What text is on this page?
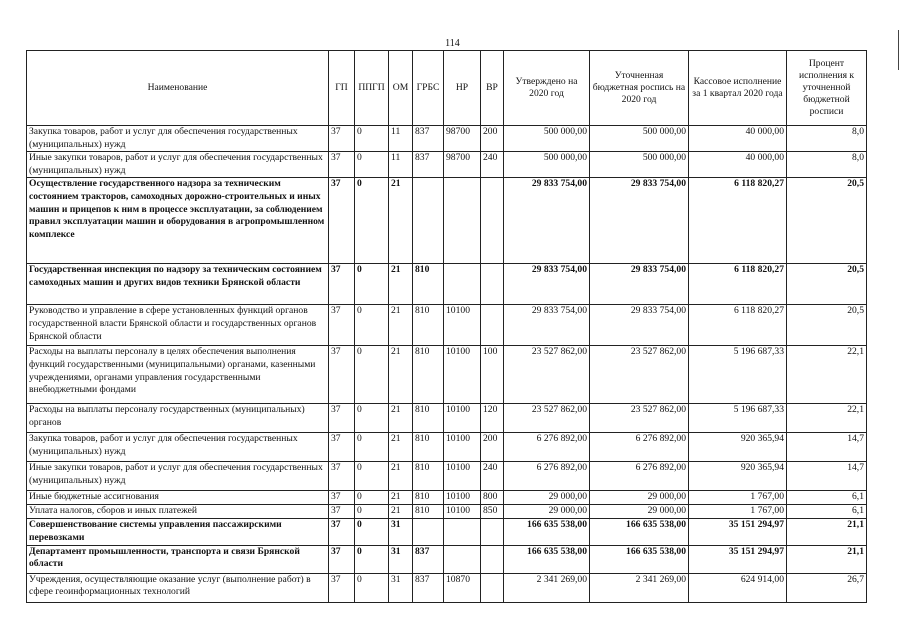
114
Наименование	ГП	ППГП	ОМ	ГРБС	НР	ВР	Утверждено на 2020 год	Уточненная бюджетная роспись на 2020 год	Кассовое исполнение за 1 квартал 2020 года	Процент исполнения к уточненной бюджетной росписи
Закупка товаров, работ и услуг для обеспечения государственных (муниципальных) нужд	37	0	11	837	98700	200	500 000,00	500 000,00	40 000,00	8,0
Иные закупки товаров, работ и услуг для обеспечения государственных (муниципальных) нужд	37	0	11	837	98700	240	500 000,00	500 000,00	40 000,00	8,0
Осуществление государственного надзора за техническим состоянием тракторов, самоходных дорожно-строительных и иных машин и прицепов к ним в процессе эксплуатации, за соблюдением правил эксплуатации машин и оборудования в агропромышленном комплексе	37	0	21				29 833 754,00	29 833 754,00	6 118 820,27	20,5
Государственная инспекция по надзору за техническим состоянием самоходных машин и других видов техники Брянской области	37	0	21	810			29 833 754,00	29 833 754,00	6 118 820,27	20,5
Руководство и управление в сфере установленных функций органов государственной власти Брянской области и государственных органов Брянской области	37	0	21	810	10100		29 833 754,00	29 833 754,00	6 118 820,27	20,5
Расходы на выплаты персоналу в целях обеспечения выполнения функций государственными (муниципальными) органами, казенными учреждениями, органами управления государственными внебюджетными фондами	37	0	21	810	10100	100	23 527 862,00	23 527 862,00	5 196 687,33	22,1
Расходы на выплаты персоналу государственных (муниципальных) органов	37	0	21	810	10100	120	23 527 862,00	23 527 862,00	5 196 687,33	22,1
Закупка товаров, работ и услуг для обеспечения государственных (муниципальных) нужд	37	0	21	810	10100	200	6 276 892,00	6 276 892,00	920 365,94	14,7
Иные закупки товаров, работ и услуг для обеспечения государственных (муниципальных) нужд	37	0	21	810	10100	240	6 276 892,00	6 276 892,00	920 365,94	14,7
Иные бюджетные ассигнования	37	0	21	810	10100	800	29 000,00	29 000,00	1 767,00	6,1
Уплата налогов, сборов и иных платежей	37	0	21	810	10100	850	29 000,00	29 000,00	1 767,00	6,1
Совершенствование системы управления пассажирскими перевозками	37	0	31				166 635 538,00	166 635 538,00	35 151 294,97	21,1
Департамент промышленности, транспорта и связи Брянской области	37	0	31	837			166 635 538,00	166 635 538,00	35 151 294,97	21,1
Учреждения, осуществляющие оказание услуг (выполнение работ) в сфере геоинформационных технологий	37	0	31	837	10870		2 341 269,00	2 341 269,00	624 914,00	26,7
